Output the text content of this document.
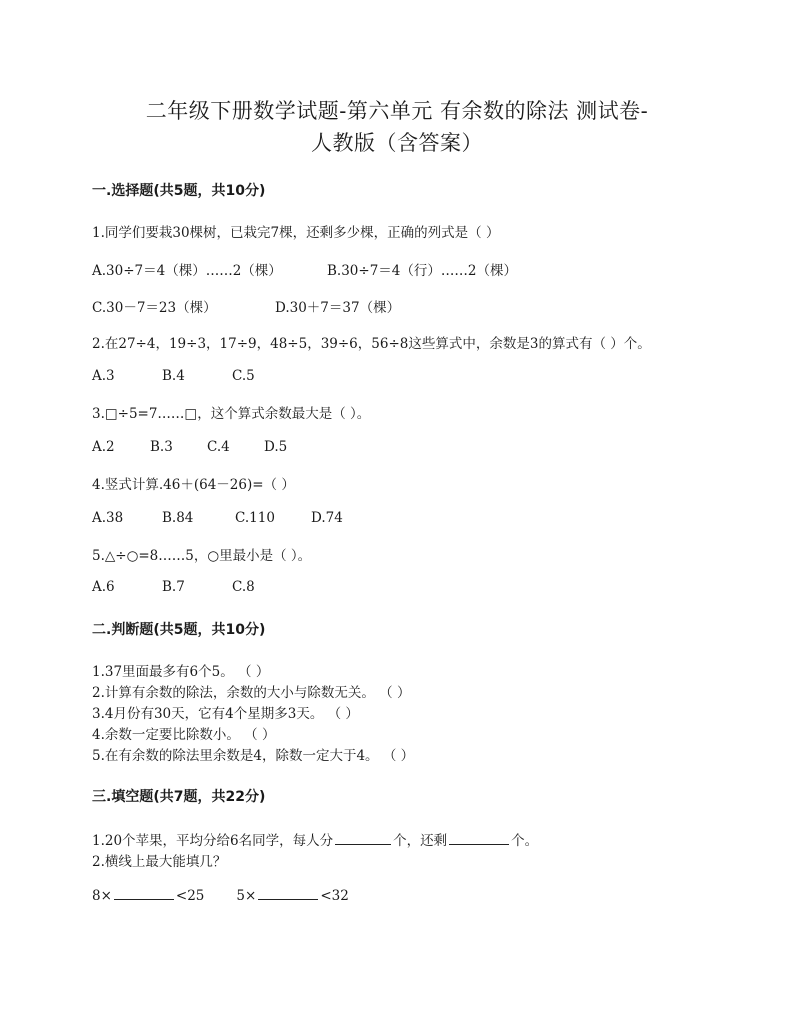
二年级下册数学试题-第六单元 有余数的除法 测试卷-
人教版（含答案）
一.选择题(共5题，共10分)
1.同学们要栽30棵树，已栽完7棵，还剩多少棵，正确的列式是（ ）
A.30÷7＝4（棵）……2（棵）	B.30÷7＝4（行）……2（棵）
C.30－7＝23（棵）	D.30＋7＝37（棵）
2.在27÷4，19÷3，17÷9，48÷5，39÷6，56÷8这些算式中，余数是3的算式有（ ）个。
A.3	B.4	C.5
3.□÷5=7……□，这个算式余数最大是（ ）。
A.2	B.3	C.4	D.5
4.竖式计算.46＋(64－26)=（ ）
A.38	B.84	C.110	D.74
5.△÷○=8……5，○里最小是（ ）。
A.6	B.7	C.8
二.判断题(共5题，共10分)
1.37里面最多有6个5。 （ ）
2.计算有余数的除法，余数的大小与除数无关。 （ ）
3.4月份有30天，它有4个星期多3天。 （ ）
4.余数一定要比除数小。 （ ）
5.在有余数的除法里余数是4，除数一定大于4。 （ ）
三.填空题(共7题，共22分)
1.20个苹果，平均分给6名同学，每人分	个，还剩	个。
2.横线上最大能填几？
8×	<25 5×	<32
